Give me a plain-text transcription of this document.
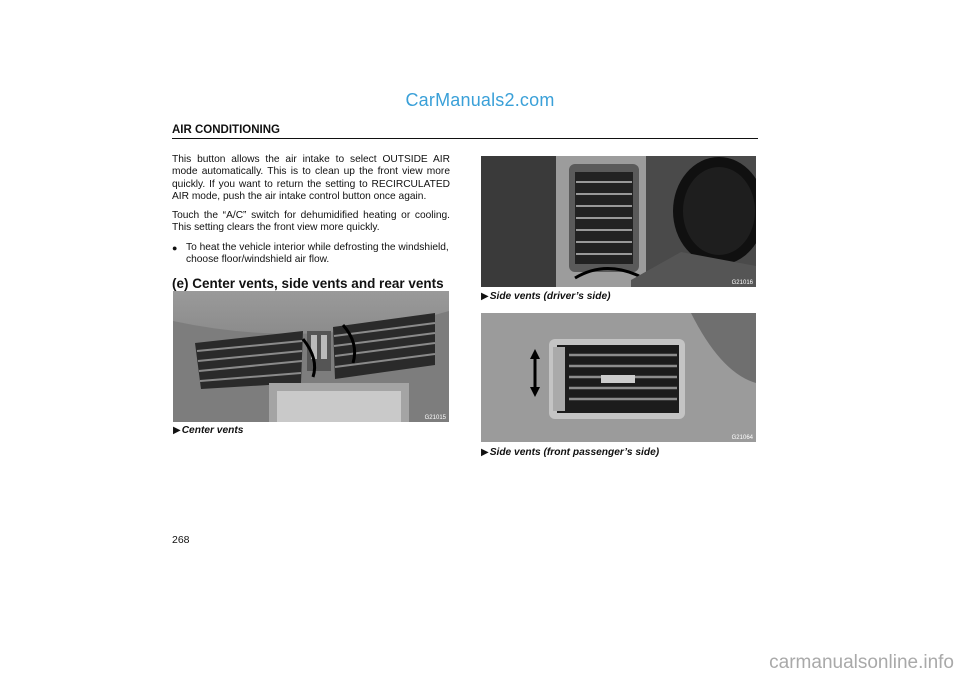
CarManuals2.com
AIR CONDITIONING

This button allows the air intake to select OUTSIDE AIR mode automatically. This is to clean up the front view more quickly. If you want to return the setting to RECIRCULATED AIR mode, push the air intake control button once again.

Touch the “A/C” switch for dehumidified heating or cooling. This setting clears the front view more quickly.

● To heat the vehicle interior while defrosting the windshield, choose floor/windshield air flow.
(e) Center vents, side vents and rear vents
G21015
▶Center vents
G21016
▶Side vents (driver’s side)
G21064
▶Side vents (front passenger’s side)
268
carmanualsonline.info
